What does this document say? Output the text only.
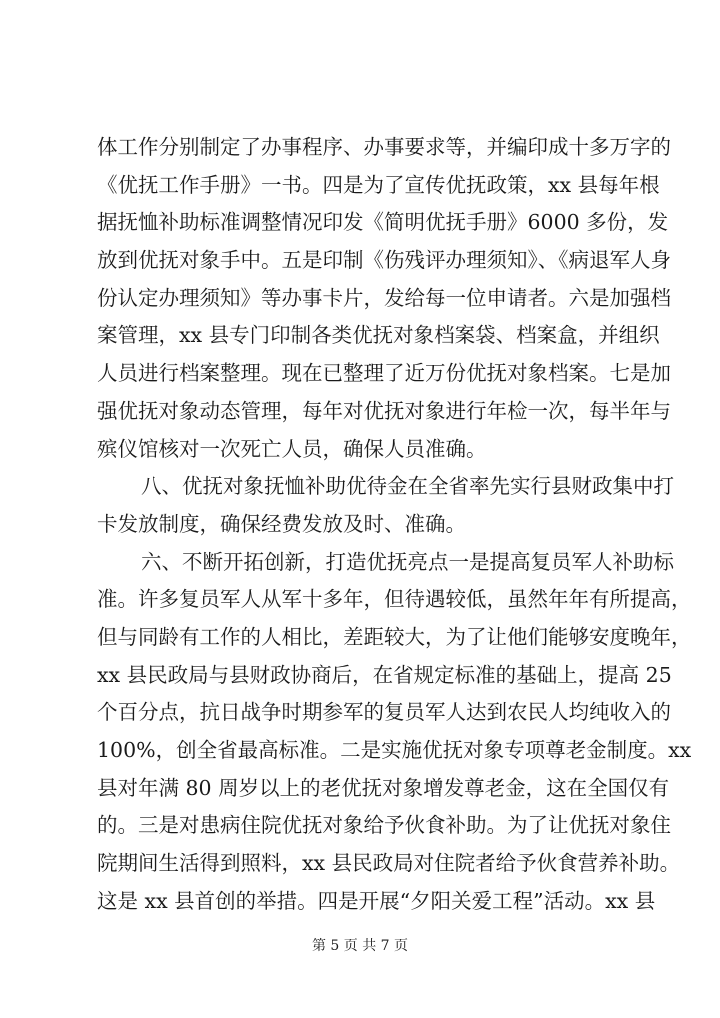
体工作分别制定了办事程序、办事要求等，并编印成十多万字的
《优抚工作手册》一书。四是为了宣传优抚政策，xx 县每年根
据抚恤补助标准调整情况印发《简明优抚手册》6000 多份，发
放到优抚对象手中。五是印制《伤残评办理须知》、《病退军人身
份认定办理须知》等办事卡片，发给每一位申请者。六是加强档
案管理，xx 县专门印制各类优抚对象档案袋、档案盒，并组织
人员进行档案整理。现在已整理了近万份优抚对象档案。七是加
强优抚对象动态管理，每年对优抚对象进行年检一次，每半年与
殡仪馆核对一次死亡人员，确保人员准确。
八、优抚对象抚恤补助优待金在全省率先实行县财政集中打
卡发放制度，确保经费发放及时、准确。
六、不断开拓创新，打造优抚亮点一是提高复员军人补助标
准。许多复员军人从军十多年，但待遇较低，虽然年年有所提高，
但与同龄有工作的人相比，差距较大，为了让他们能够安度晚年，
xx 县民政局与县财政协商后，在省规定标准的基础上，提高 25
个百分点，抗日战争时期参军的复员军人达到农民人均纯收入的
100%，创全省最高标准。二是实施优抚对象专项尊老金制度。xx
县对年满 80 周岁以上的老优抚对象增发尊老金，这在全国仅有
的。三是对患病住院优抚对象给予伙食补助。为了让优抚对象住
院期间生活得到照料，xx 县民政局对住院者给予伙食营养补助。
这是 xx 县首创的举措。四是开展“夕阳关爱工程”活动。xx 县
第 5 页 共 7 页
